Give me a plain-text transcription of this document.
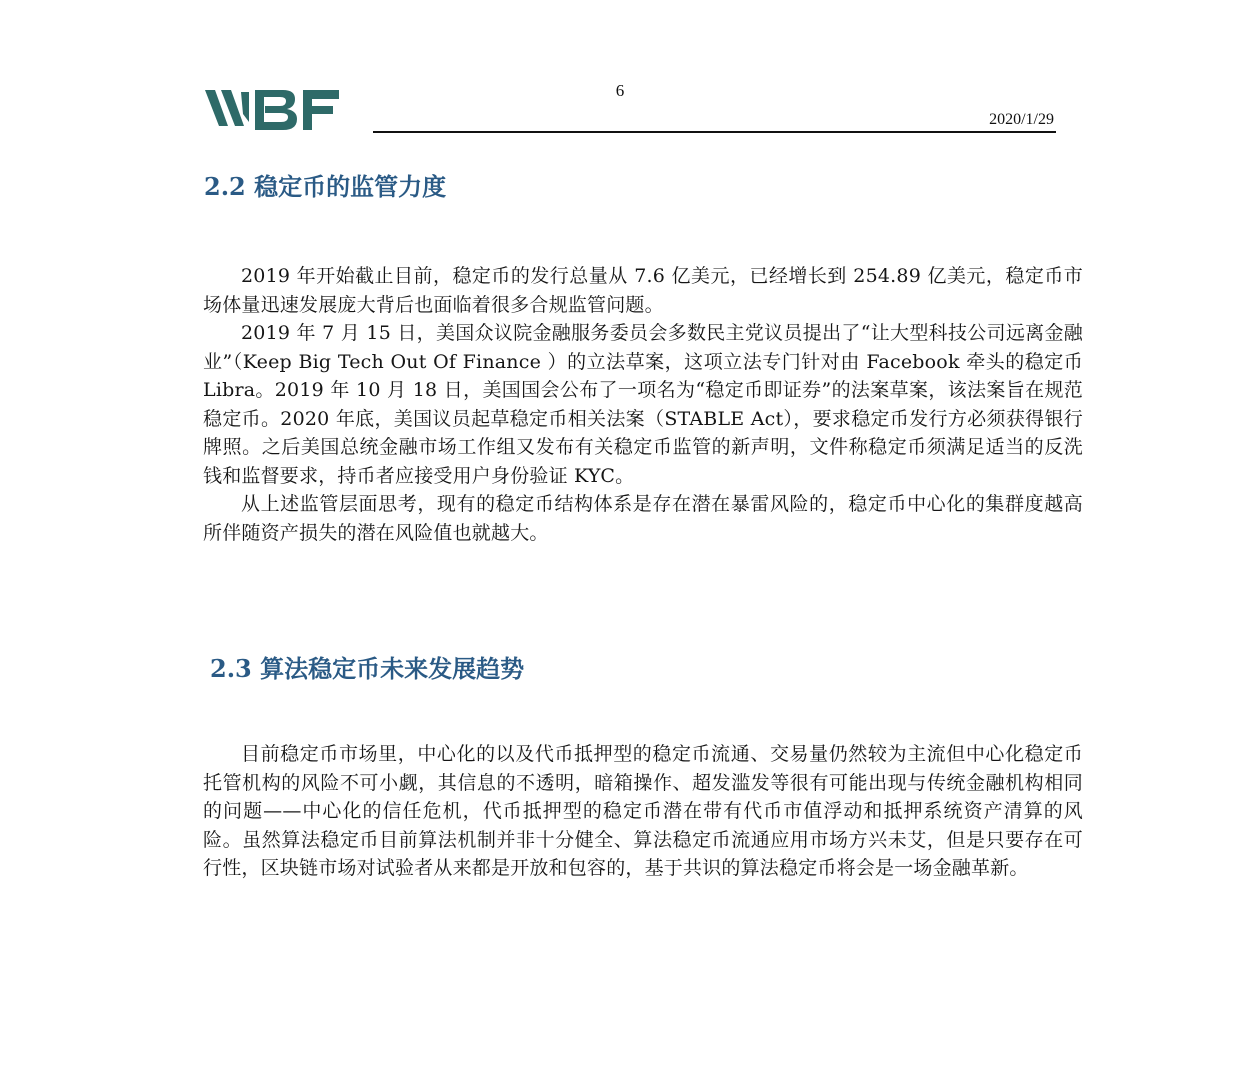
6
2020/1/29
2.2 稳定币的监管力度

2019 年开始截止目前，稳定币的发行总量从 7.6 亿美元，已经增长到 254.89 亿美元，稳定币市场体量迅速发展庞大背后也面临着很多合规监管问题。

2019 年 7 月 15 日，美国众议院金融服务委员会多数民主党议员提出了“让大型科技公司远离金融业”（Keep Big Tech Out Of Finance ）的立法草案，这项立法专门针对由 Facebook 牵头的稳定币 Libra。2019 年 10 月 18 日，美国国会公布了一项名为“稳定币即证券”的法案草案，该法案旨在规范稳定币。2020 年底，美国议员起草稳定币相关法案（STABLE Act），要求稳定币发行方必须获得银行牌照。之后美国总统金融市场工作组又发布有关稳定币监管的新声明，文件称稳定币须满足适当的反洗钱和监督要求，持币者应接受用户身份验证 KYC。

从上述监管层面思考，现有的稳定币结构体系是存在潜在暴雷风险的，稳定币中心化的集群度越高所伴随资产损失的潜在风险值也就越大。

2.3 算法稳定币未来发展趋势

目前稳定币市场里，中心化的以及代币抵押型的稳定币流通、交易量仍然较为主流但中心化稳定币托管机构的风险不可小觑，其信息的不透明，暗箱操作、超发滥发等很有可能出现与传统金融机构相同的问题——中心化的信任危机，代币抵押型的稳定币潜在带有代币市值浮动和抵押系统资产清算的风险。虽然算法稳定币目前算法机制并非十分健全、算法稳定币流通应用市场方兴未艾，但是只要存在可行性，区块链市场对试验者从来都是开放和包容的，基于共识的算法稳定币将会是一场金融革新。
